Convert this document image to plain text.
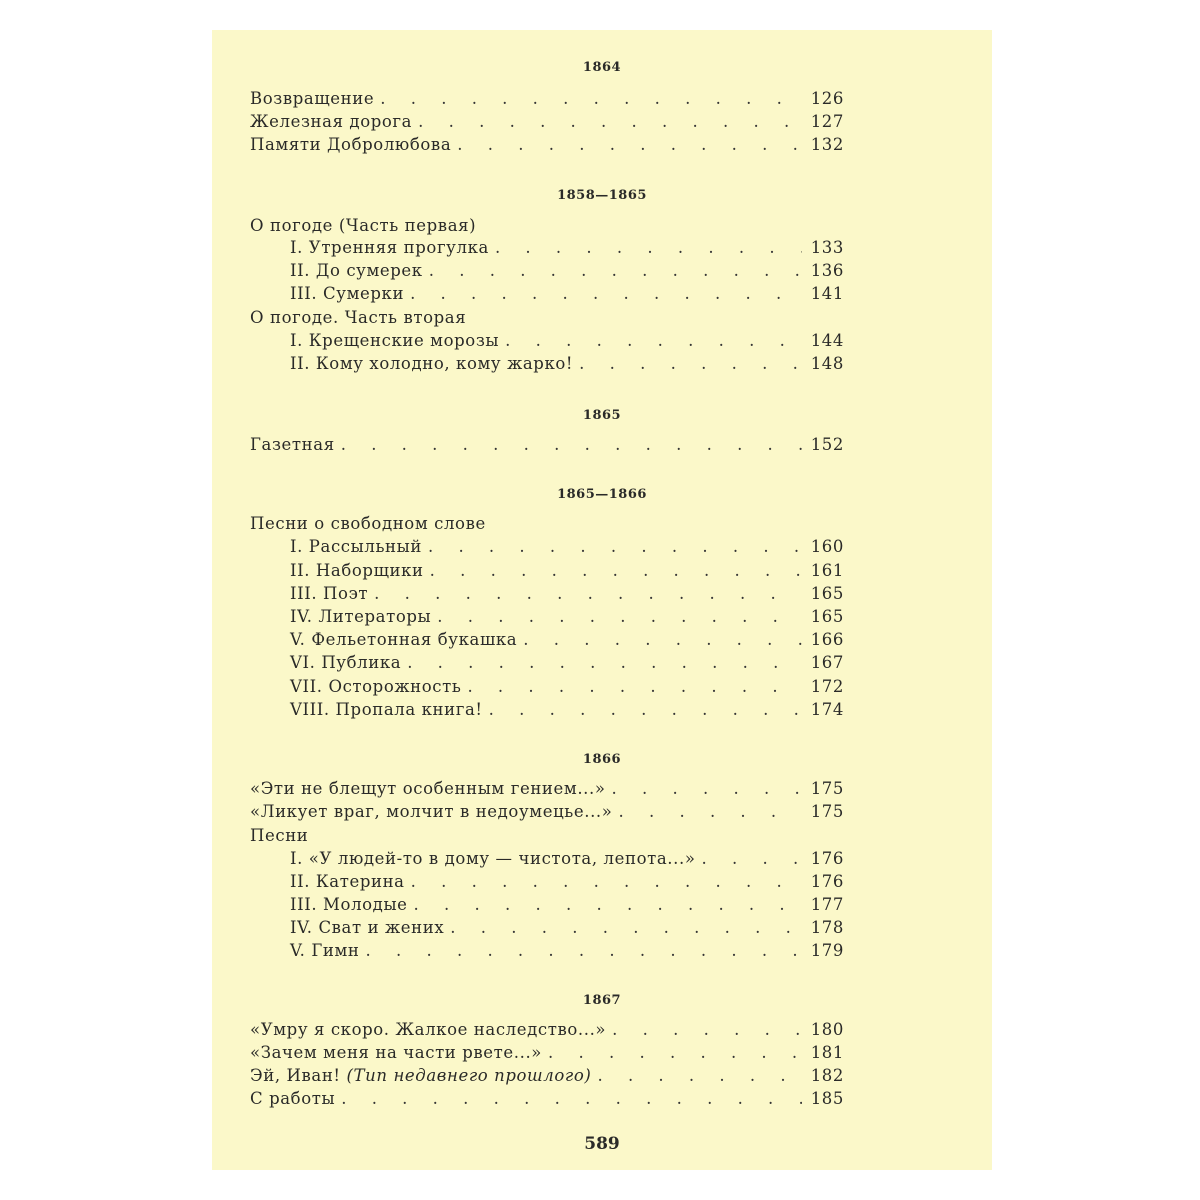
1864
Возвращение . . .	126
Железная дорога . . .	127
Памяти Добролюбова . . .	132
1858—1865
О погоде (Часть первая)
I. Утренняя прогулка . . .	133
II. До сумерек . . .	136
III. Сумерки . . .	141
О погоде. Часть вторая
I. Крещенские морозы . . .	144
II. Кому холодно, кому жарко! . . .	148
1865
Газетная . . .	152
1865—1866
Песни о свободном слове
I. Рассыльный . . .	160
II. Наборщики . . .	161
III. Поэт . . .	165
IV. Литераторы . . .	165
V. Фельетонная букашка . . .	166
VI. Публика . . .	167
VII. Осторожность . . .	172
VIII. Пропала книга! . . .	174
1866
«Эти не блещут особенным гением...» . . .	175
«Ликует враг, молчит в недоумецье...» . . .	175
Песни
I. «У людей-то в дому — чистота, лепота...» . . .	176
II. Катерина . . .	176
III. Молодые . . .	177
IV. Сват и жених . . .	178
V. Гимн . . .	179
1867
«Умру я скоро. Жалкое наследство...» . . .	180
«Зачем меня на части рвете...» . . .	181
Эй, Иван! (Тип недавнего прошлого) . . .	182
С работы . . .	185
589
